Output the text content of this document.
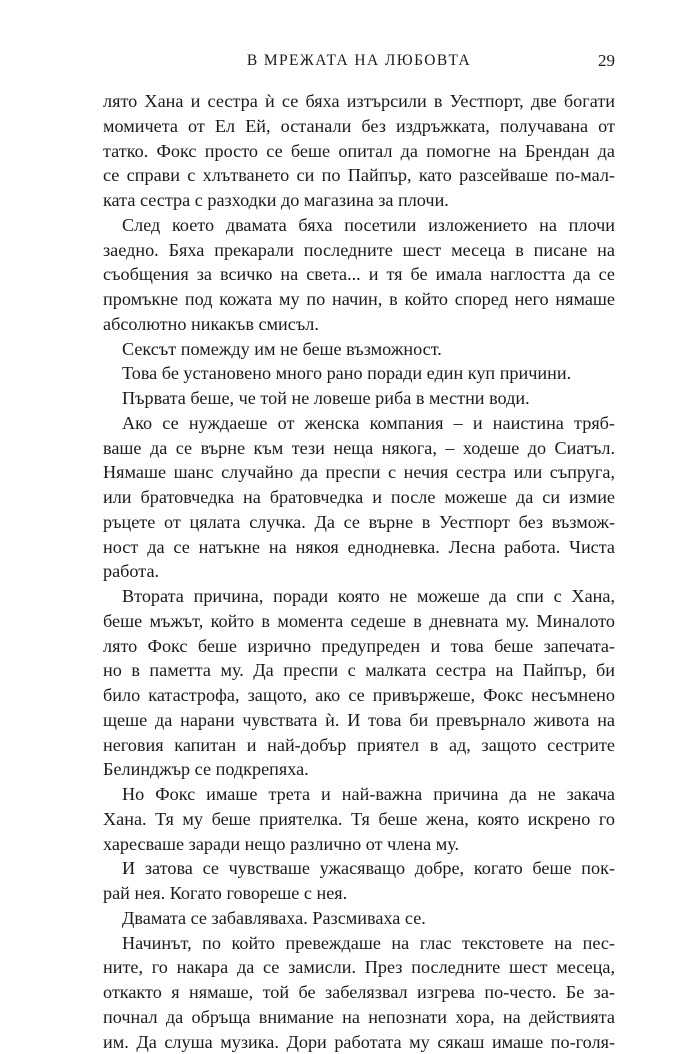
В МРЕЖАТА НА ЛЮБОВТА	29
лято Хана и сестра ѝ се бяха изтърсили в Уестпорт, две богати
момичета от Ел Ей, останали без издръжката, получавана от
татко. Фокс просто се беше опитал да помогне на Брендан да
се справи с хлътването си по Пайпър, като разсейваше по-мал-
ката сестра с разходки до магазина за плочи.
След което двамата бяха посетили изложението на плочи
заедно. Бяха прекарали последните шест месеца в писане на
съобщения за всичко на света... и тя бе имала наглостта да се
промъкне под кожата му по начин, в който според него нямаше
абсолютно никакъв смисъл.
Сексът помежду им не беше възможност.
Това бе установено много рано поради един куп причини.
Първата беше, че той не ловеше риба в местни води.
Ако се нуждаеше от женска компания – и наистина тряб-
ваше да се върне към тези неща някога, – ходеше до Сиатъл.
Нямаше шанс случайно да преспи с нечия сестра или съпруга,
или братовчедка на братовчедка и после можеше да си измие
ръцете от цялата случка. Да се върне в Уестпорт без възмож-
ност да се натъкне на някоя еднодневка. Лесна работа. Чиста
работа.
Втората причина, поради която не можеше да спи с Хана,
беше мъжът, който в момента седеше в дневната му. Миналото
лято Фокс беше изрично предупреден и това беше запечата-
но в паметта му. Да преспи с малката сестра на Пайпър, би
било катастрофа, защото, ако се привържеше, Фокс несъмнено
щеше да нарани чувствата ѝ. И това би превърнало живота на
неговия капитан и най-добър приятел в ад, защото сестрите
Белинджър се подкрепяха.
Но Фокс имаше трета и най-важна причина да не закача
Хана. Тя му беше приятелка. Тя беше жена, която искрено го
харесваше заради нещо различно от члена му.
И затова се чувстваше ужасяващо добре, когато беше пок-
рай нея. Когато говореше с нея.
Двамата се забавляваха. Разсмиваха се.
Начинът, по който превеждаше на глас текстовете на пес-
ните, го накара да се замисли. През последните шест месеца,
откакто я нямаше, той бе забелязвал изгрева по-често. Бе за-
почнал да обръща внимание на непознати хора, на действията
им. Да слуша музика. Дори работата му сякаш имаше по-голя-
